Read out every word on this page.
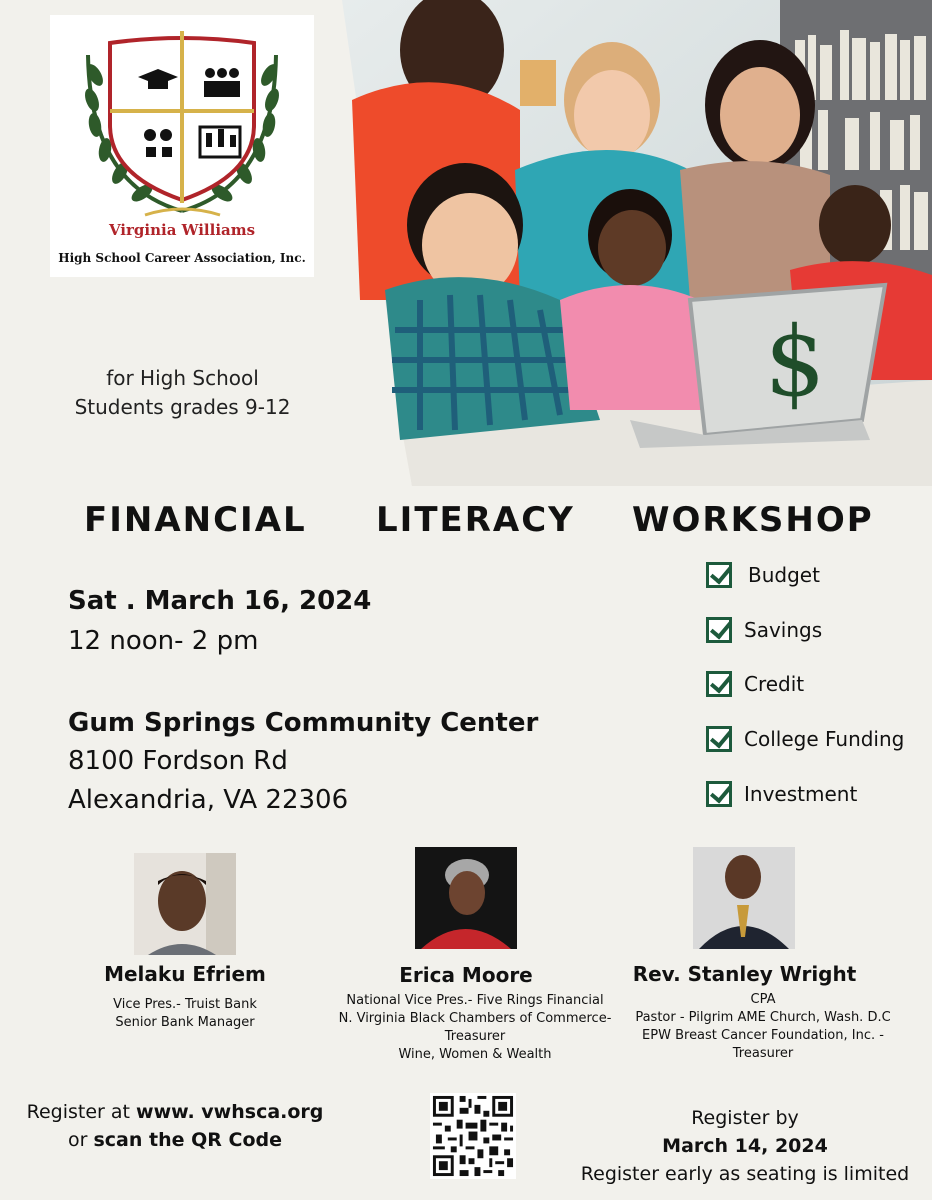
$
Virginia Williams
High School Career Association, Inc.
for High School
Students grades 9-12
FINANCIAL LITERACY WORKSHOP
Sat . March 16, 2024
12 noon- 2 pm
Gum Springs Community Center
8100 Fordson Rd
Alexandria, VA 22306
Budget
Savings
Credit
College Funding
Investment
Melaku Efriem
Vice Pres.- Truist Bank
Senior Bank Manager
Erica Moore
National Vice Pres.- Five Rings Financial
N. Virginia Black Chambers of Commerce-
Treasurer
Wine, Women & Wealth
Rev. Stanley Wright
CPA
Pastor - Pilgrim AME Church, Wash. D.C
EPW Breast Cancer Foundation, Inc. -
Treasurer
Register at www. vwhsca.org
or scan the QR Code
Register by
March 14, 2024
Register early as seating is limited
